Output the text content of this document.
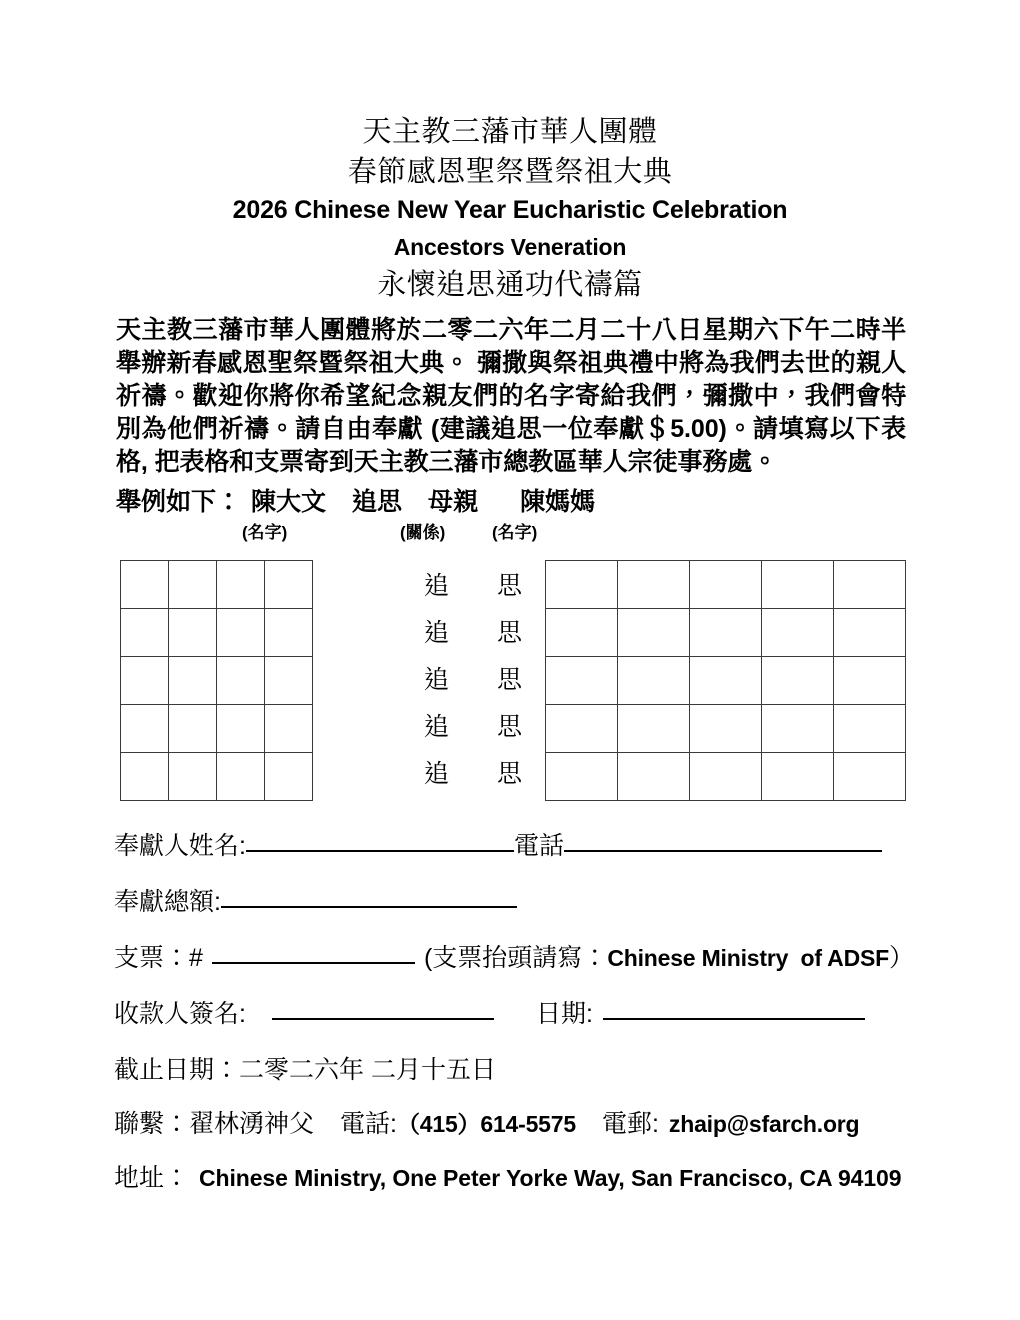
天主教三藩市華人團體
春節感恩聖祭暨祭祖大典
2026 Chinese New Year Eucharistic Celebration
Ancestors Veneration
永懷追思通功代禱篇
天主教三藩市華人團體將於二零二六年二月二十八日星期六下午二時半舉辦新春感恩聖祭暨祭祖大典。 彌撒與祭祖典禮中將為我們去世的親人祈禱。歡迎你將你希望紀念親友們的名字寄給我們，彌撒中，我們會特別為他們祈禱。請自由奉獻 (建議追思一位奉獻＄5.00)。請填寫以下表格, 把表格和支票寄到天主教三藩市總教區華人宗徒事務處。
舉例如下： 陳大文 追思 母親 陳媽媽
(名字)	(關係)	(名字)

追 思
追 思
追 思
追 思
追 思

奉獻人姓名:	電話
奉獻總額:
支票： #	(支票抬頭請寫： Chinese Ministry  of ADSF ）
收款人簽名:	日期:
截止日期： 二零二六年 二月十五日
聯繫： 翟林湧神父 電話: （415）614-5575 電郵: zhaip@sfarch.org
地址： Chinese Ministry, One Peter Yorke Way, San Francisco, CA 94109
